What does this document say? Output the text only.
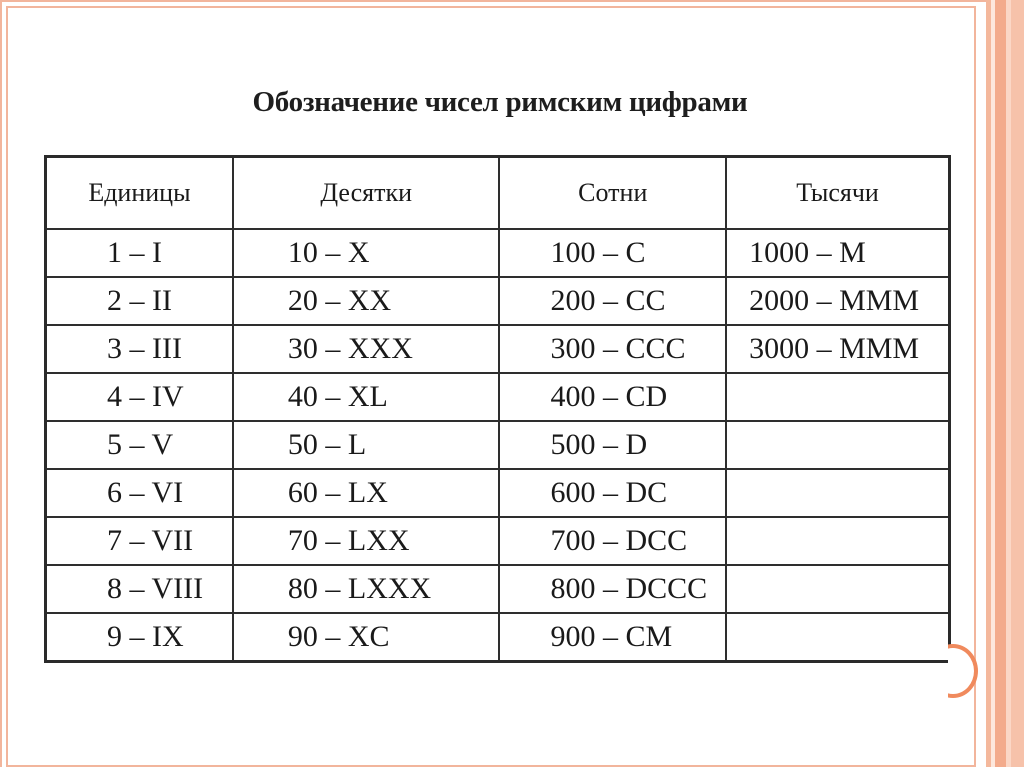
Обозначение чисел римским цифрами
Единицы	Десятки	Сотни	Тысячи
1 – I	10 – X	100 – C	1000 – M
2 – II	20 – XX	200 – CC	2000 – MMM
3 – III	30 – XXX	300 – CCC	3000 – MMM
4 – IV	40 – XL	400 – CD	
5 – V	50 – L	500 – D	
6 – VI	60 – LX	600 – DC	
7 – VII	70 – LXX	700 – DCC	
8 – VIII	80 – LXXX	800 – DCCC	
9 – IX	90 – XC	900 – CM	
